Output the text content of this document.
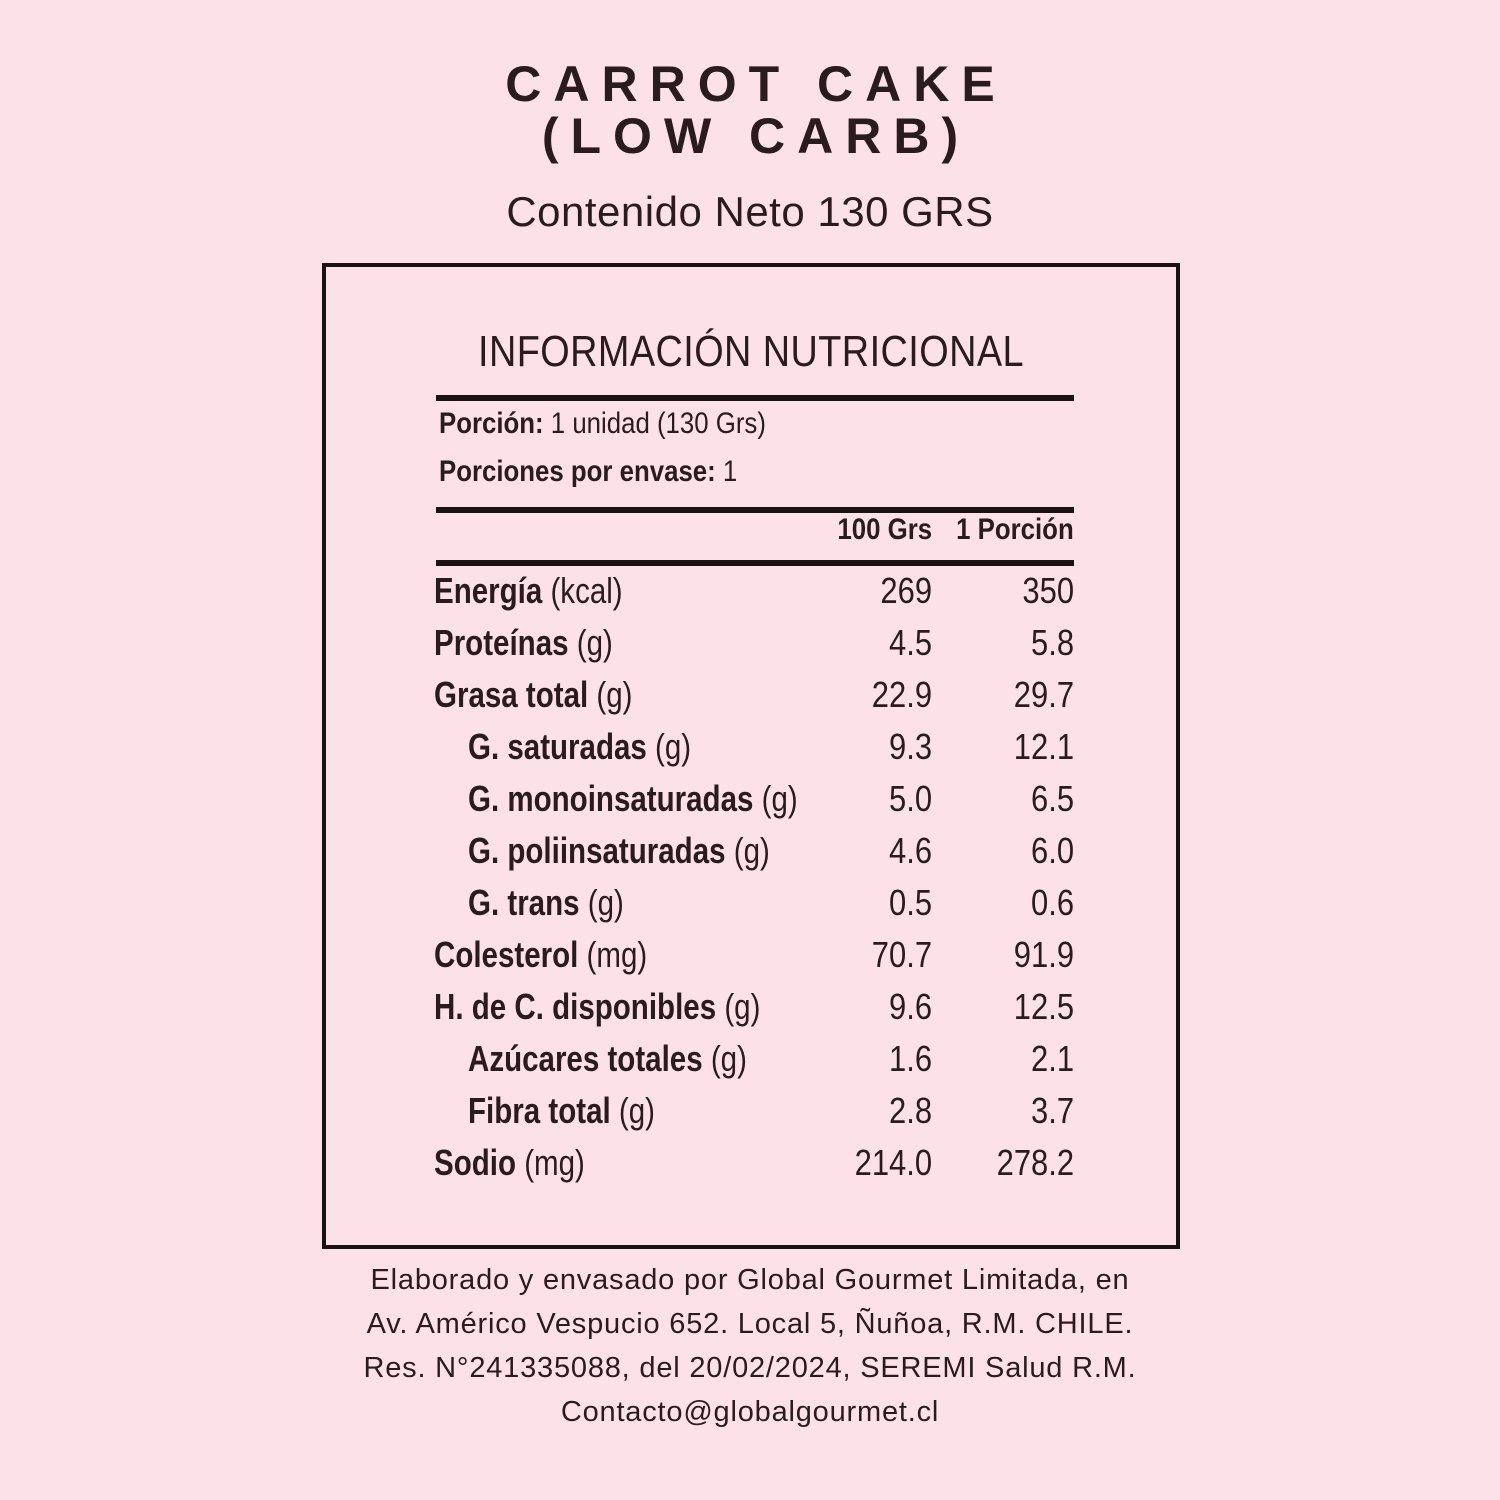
CARROT CAKE
(LOW CARB)
Contenido Neto 130 GRS
INFORMACIÓN NUTRICIONAL
Porción: 1 unidad (130 Grs)
Porciones por envase: 1
100 Grs 1 Porción
Energía (kcal)	269	350
Proteínas (g)	4.5	5.8
Grasa total (g)	22.9 29.7
G. saturadas (g)	9.3 12.1
G. monoinsaturadas (g)	5.0	6.5
G. poliinsaturadas (g)	4.6	6.0
G. trans (g)	0.5	0.6
Colesterol (mg)	70.7 91.9
H. de C. disponibles (g)	9.6 12.5
Azúcares totales (g)	1.6	2.1
Fibra total (g)	2.8	3.7
Sodio (mg)	214.0 278.2
Elaborado y envasado por Global Gourmet Limitada, en
Av. Américo Vespucio 652. Local 5, Ñuñoa, R.M. CHILE.
Res. N°241335088, del 20/02/2024, SEREMI Salud R.M.
Contacto@globalgourmet.cl
